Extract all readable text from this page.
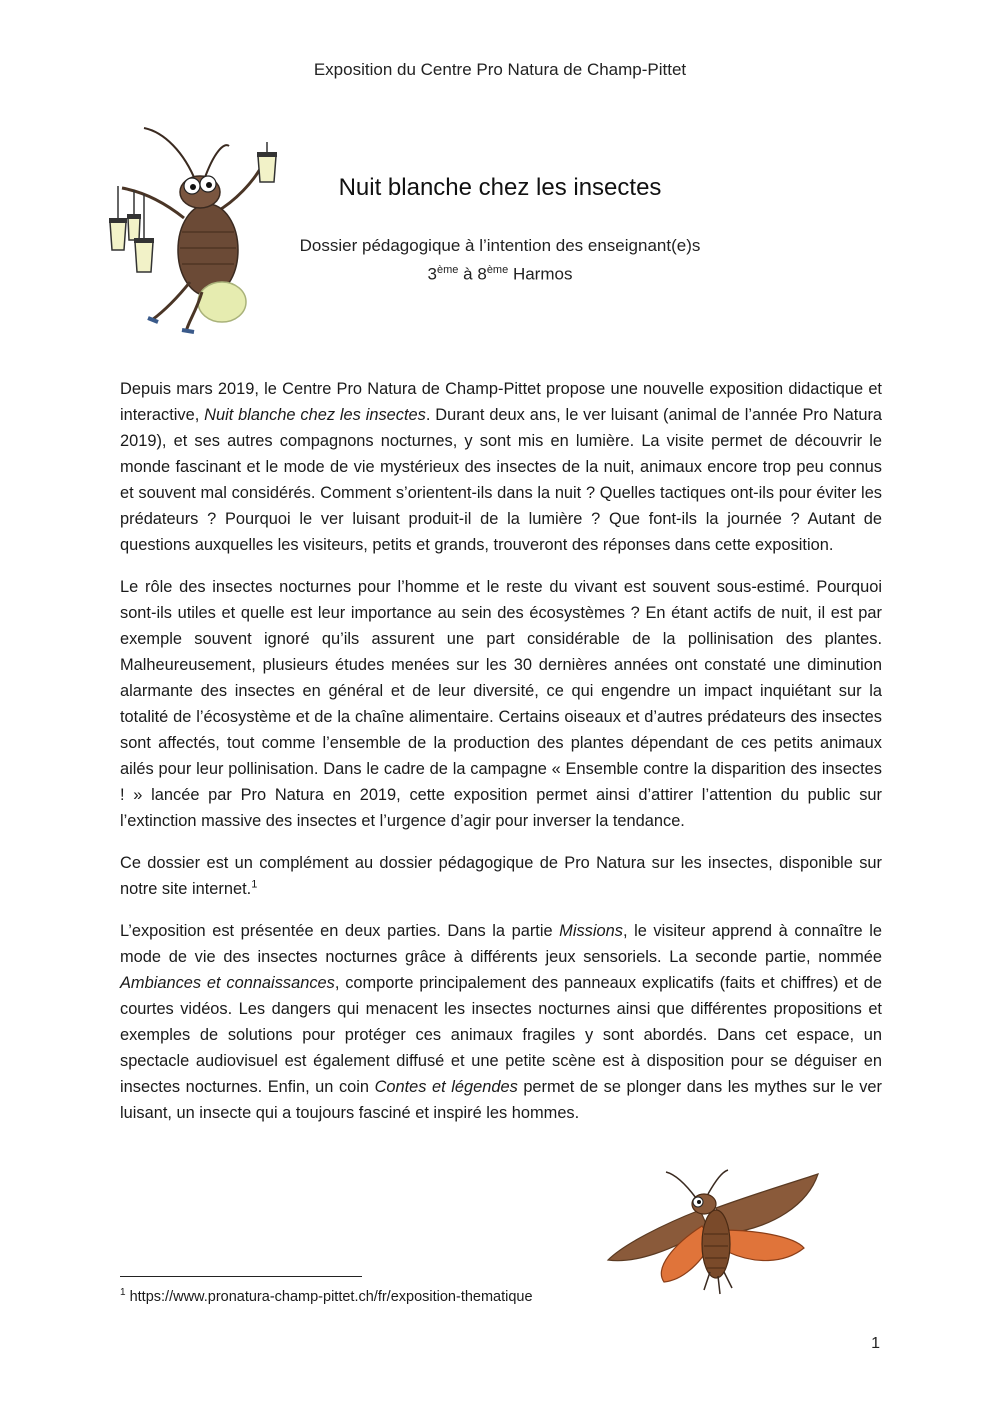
Exposition du Centre Pro Natura de Champ-Pittet
Nuit blanche chez les insectes
Dossier pédagogique à l’intention des enseignant(e)s
3ème à 8ème Harmos

Depuis mars 2019, le Centre Pro Natura de Champ-Pittet propose une nouvelle exposition didactique et interactive, Nuit blanche chez les insectes. Durant deux ans, le ver luisant (animal de l’année Pro Natura 2019), et ses autres compagnons nocturnes, y sont mis en lumière. La visite permet de découvrir le monde fascinant et le mode de vie mystérieux des insectes de la nuit, animaux encore trop peu connus et souvent mal considérés. Comment s’orientent-ils dans la nuit ? Quelles tactiques ont-ils pour éviter les prédateurs ? Pourquoi le ver luisant produit-il de la lumière ? Que font-ils la journée ? Autant de questions auxquelles les visiteurs, petits et grands, trouveront des réponses dans cette exposition.

Le rôle des insectes nocturnes pour l’homme et le reste du vivant est souvent sous-estimé. Pourquoi sont-ils utiles et quelle est leur importance au sein des écosystèmes ? En étant actifs de nuit, il est par exemple souvent ignoré qu’ils assurent une part considérable de la pollinisation des plantes. Malheureusement, plusieurs études menées sur les 30 dernières années ont constaté une diminution alarmante des insectes en général et de leur diversité, ce qui engendre un impact inquiétant sur la totalité de l’écosystème et de la chaîne alimentaire. Certains oiseaux et d’autres prédateurs des insectes sont affectés, tout comme l’ensemble de la production des plantes dépendant de ces petits animaux ailés pour leur pollinisation. Dans le cadre de la campagne « Ensemble contre la disparition des insectes ! » lancée par Pro Natura en 2019, cette exposition permet ainsi d’attirer l’attention du public sur l’extinction massive des insectes et l’urgence d’agir pour inverser la tendance.

Ce dossier est un complément au dossier pédagogique de Pro Natura sur les insectes, disponible sur notre site internet.$^1$

L’exposition est présentée en deux parties. Dans la partie Missions, le visiteur apprend à connaître le mode de vie des insectes nocturnes grâce à différents jeux sensoriels. La seconde partie, nommée Ambiances et connaissances, comporte principalement des panneaux explicatifs (faits et chiffres) et de courtes vidéos. Les dangers qui menacent les insectes nocturnes ainsi que différentes propositions et exemples de solutions pour protéger ces animaux fragiles y sont abordés. Dans cet espace, un spectacle audiovisuel est également diffusé et une petite scène est à disposition pour se déguiser en insectes nocturnes. Enfin, un coin Contes et légendes permet de se plonger dans les mythes sur le ver luisant, un insecte qui a toujours fasciné et inspiré les hommes.

$^1$ https://www.pronatura-champ-pittet.ch/fr/exposition-thematique
1
